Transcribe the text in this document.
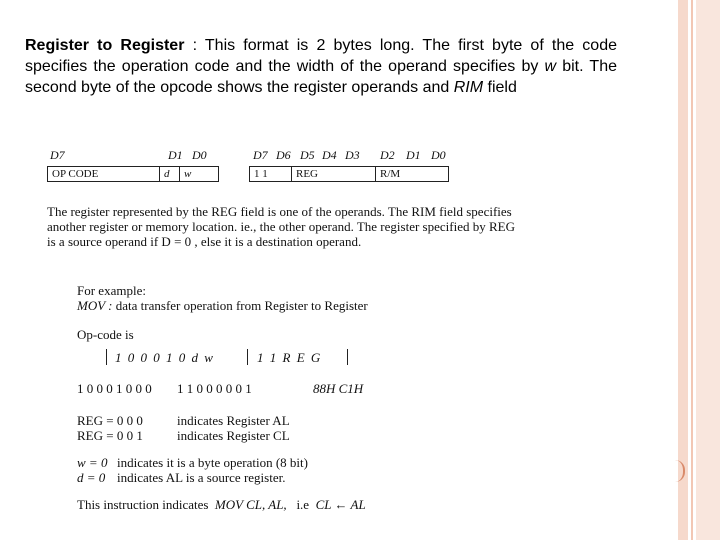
Register to Register : This format is 2 bytes long. The first byte of the code specifies the operation code and the width of the operand specifies by w bit. The second byte of the opcode shows the register operands and RIM field

D7	D1 D0	D7 D6 D5 D4 D3 D2 D1 D0
OP CODE	d	w	1 1	REG	R/M
The register represented by the REG field is one of the operands. The RIM field specifies
another register or memory location. ie., the other operand. The register specified by REG
is a source operand if D = 0 , else it is a destination operand.
For example:
MOV : data transfer operation from Register to Register
Op-code is
1 0 0 0 1 0 d w	1 1 R E G
1 0 0 0 1 0 0 0 1 1 0 0 0 0 0 1	88H C1H
REG = 0 0 0	indicates Register AL
REG = 0 0 1	indicates Register CL
w = 0 indicates it is a byte operation (8 bit)
d = 0 indicates AL is a source register.
This instruction indicates MOV CL, AL, i.e CL ← AL
